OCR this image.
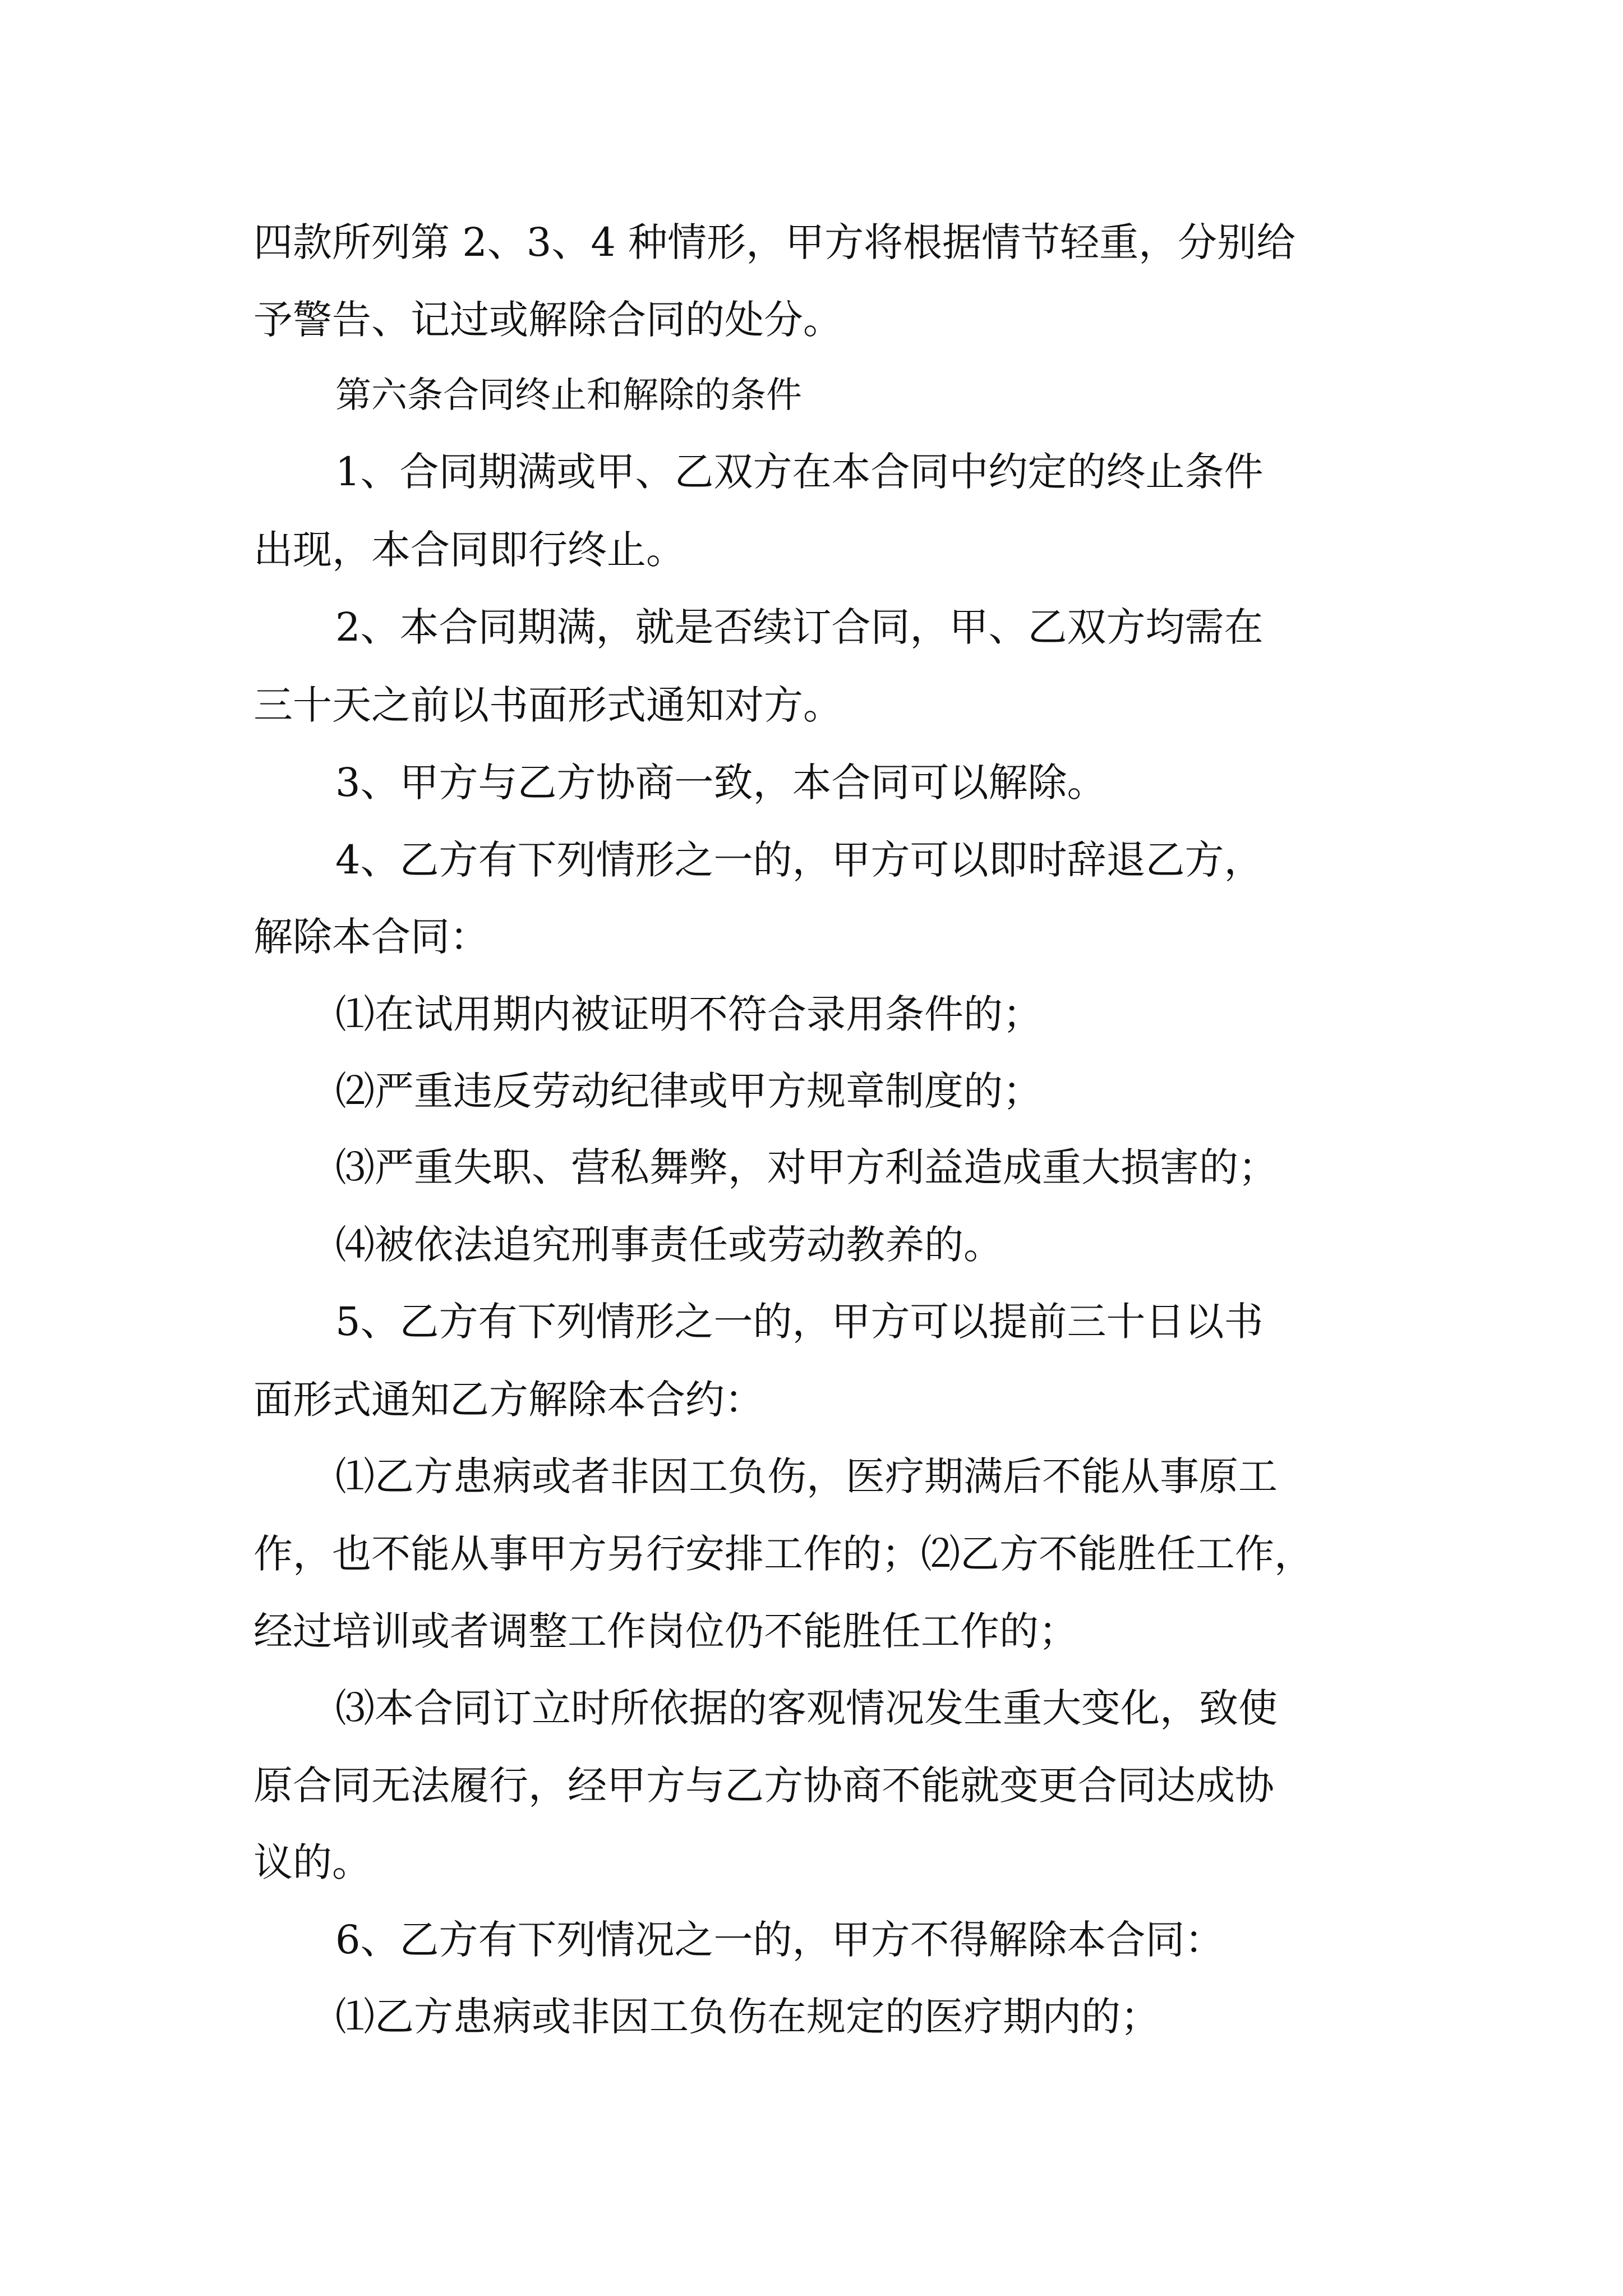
四款所列第 2、3、4 种情形，甲方将根据情节轻重，分别给
予警告、记过或解除合同的处分。
第六条合同终止和解除的条件
1、合同期满或甲、乙双方在本合同中约定的终止条件
出现，本合同即行终止。
2、本合同期满，就是否续订合同，甲、乙双方均需在
三十天之前以书面形式通知对方。
3、甲方与乙方协商一致，本合同可以解除。
4、乙方有下列情形之一的，甲方可以即时辞退乙方，
解除本合同：
⑴在试用期内被证明不符合录用条件的；
⑵严重违反劳动纪律或甲方规章制度的；
⑶严重失职、营私舞弊，对甲方利益造成重大损害的；
⑷被依法追究刑事责任或劳动教养的。
5、乙方有下列情形之一的，甲方可以提前三十日以书
面形式通知乙方解除本合约：
⑴乙方患病或者非因工负伤，医疗期满后不能从事原工
作，也不能从事甲方另行安排工作的；⑵乙方不能胜任工作，
经过培训或者调整工作岗位仍不能胜任工作的；
⑶本合同订立时所依据的客观情况发生重大变化，致使
原合同无法履行，经甲方与乙方协商不能就变更合同达成协
议的。
6、乙方有下列情况之一的，甲方不得解除本合同：
⑴乙方患病或非因工负伤在规定的医疗期内的；
